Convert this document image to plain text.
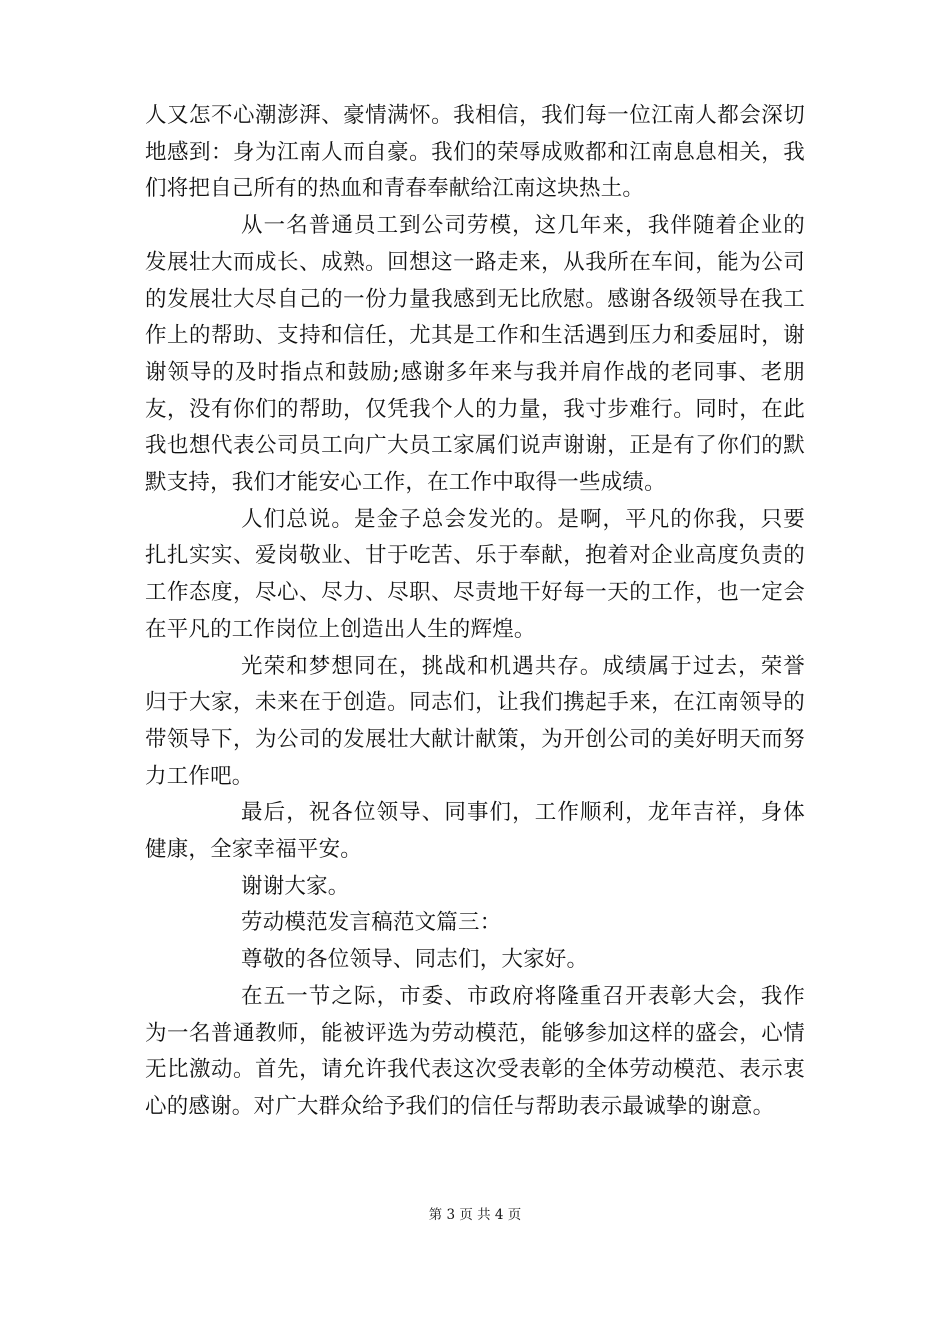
人又怎不心潮澎湃、豪情满怀。我相信，我们每一位江南人都会深切地感到：身为江南人而自豪。我们的荣辱成败都和江南息息相关，我们将把自己所有的热血和青春奉献给江南这块热土。

从一名普通员工到公司劳模，这几年来，我伴随着企业的发展壮大而成长、成熟。回想这一路走来，从我所在车间，能为公司的发展壮大尽自己的一份力量我感到无比欣慰。感谢各级领导在我工作上的帮助、支持和信任，尤其是工作和生活遇到压力和委屈时，谢谢领导的及时指点和鼓励;感谢多年来与我并肩作战的老同事、老朋友，没有你们的帮助，仅凭我个人的力量，我寸步难行。同时，在此我也想代表公司员工向广大员工家属们说声谢谢，正是有了你们的默默支持，我们才能安心工作，在工作中取得一些成绩。

人们总说。是金子总会发光的。是啊，平凡的你我，只要扎扎实实、爱岗敬业、甘于吃苦、乐于奉献，抱着对企业高度负责的工作态度，尽心、尽力、尽职、尽责地干好每一天的工作，也一定会在平凡的工作岗位上创造出人生的辉煌。

光荣和梦想同在，挑战和机遇共存。成绩属于过去，荣誉归于大家，未来在于创造。同志们，让我们携起手来，在江南领导的带领导下，为公司的发展壮大献计献策，为开创公司的美好明天而努力工作吧。

最后，祝各位领导、同事们，工作顺利，龙年吉祥，身体健康，全家幸福平安。

谢谢大家。

劳动模范发言稿范文篇三：

尊敬的各位领导、同志们，大家好。

在五一节之际，市委、市政府将隆重召开表彰大会，我作为一名普通教师，能被评选为劳动模范，能够参加这样的盛会，心情无比激动。首先，请允许我代表这次受表彰的全体劳动模范、表示衷心的感谢。对广大群众给予我们的信任与帮助表示最诚挚的谢意。

第 3 页 共 4 页
